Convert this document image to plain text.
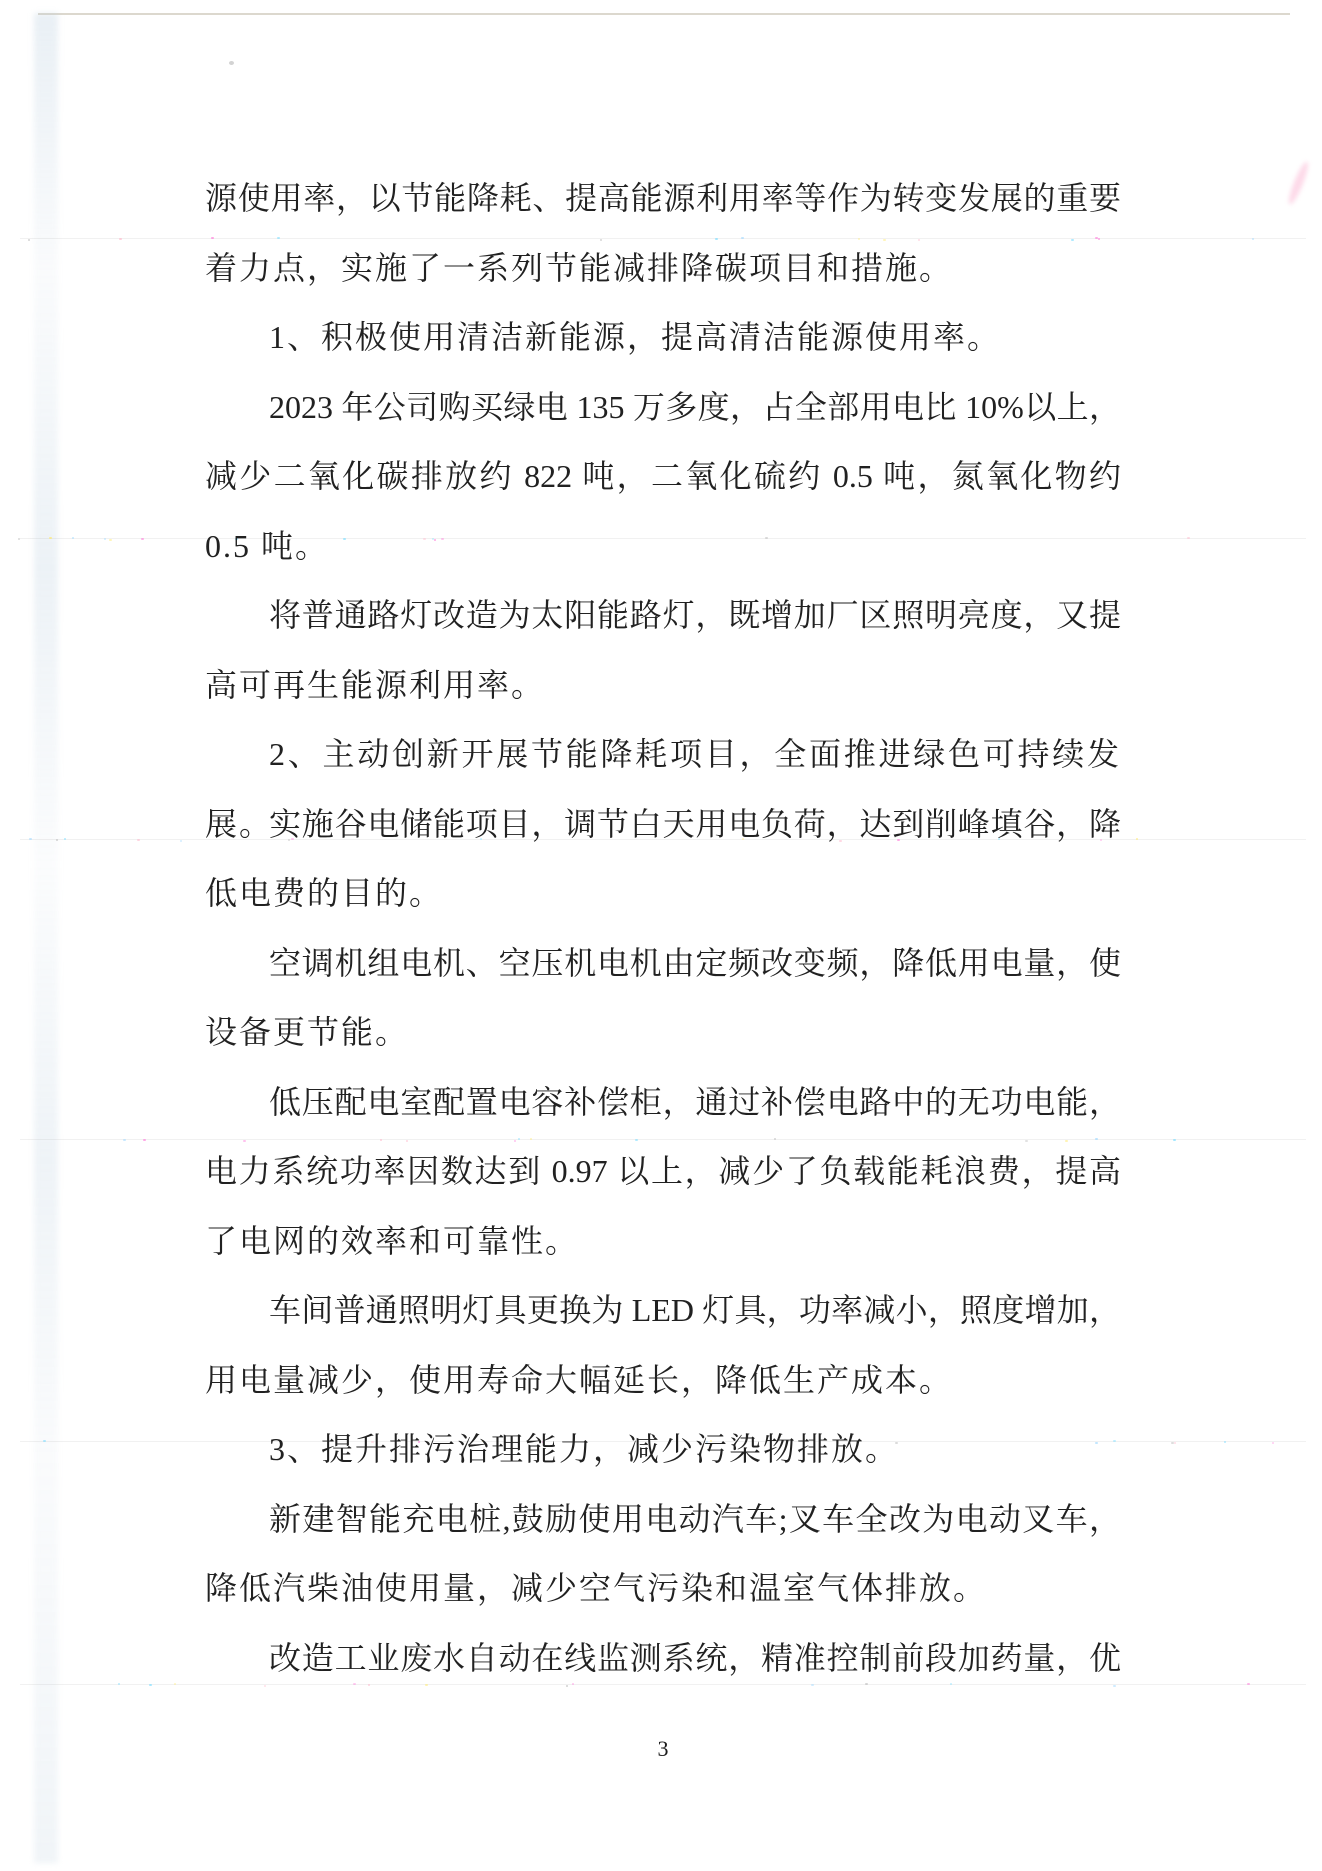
源使用率，以节能降耗、提高能源利用率等作为转变发展的重要
着力点，实施了一系列节能减排降碳项目和措施。
1、积极使用清洁新能源，提高清洁能源使用率。
2023 年公司购买绿电 135 万多度，占全部用电比 10%以上，
减少二氧化碳排放约 822 吨，二氧化硫约 0.5 吨，氮氧化物约
0.5 吨。
将普通路灯改造为太阳能路灯，既增加厂区照明亮度，又提
高可再生能源利用率。
2、主动创新开展节能降耗项目，全面推进绿色可持续发展。
实施谷电储能项目，调节白天用电负荷，达到削峰填谷，降
低电费的目的。
空调机组电机、空压机电机由定频改变频，降低用电量，使
设备更节能。
低压配电室配置电容补偿柜，通过补偿电路中的无功电能，
电力系统功率因数达到 0.97 以上，减少了负载能耗浪费，提高
了电网的效率和可靠性。
车间普通照明灯具更换为 LED 灯具，功率减小，照度增加，
用电量减少，使用寿命大幅延长，降低生产成本。
3、提升排污治理能力，减少污染物排放。
新建智能充电桩,鼓励使用电动汽车;叉车全改为电动叉车，
降低汽柴油使用量，减少空气污染和温室气体排放。
改造工业废水自动在线监测系统，精准控制前段加药量，优
3
